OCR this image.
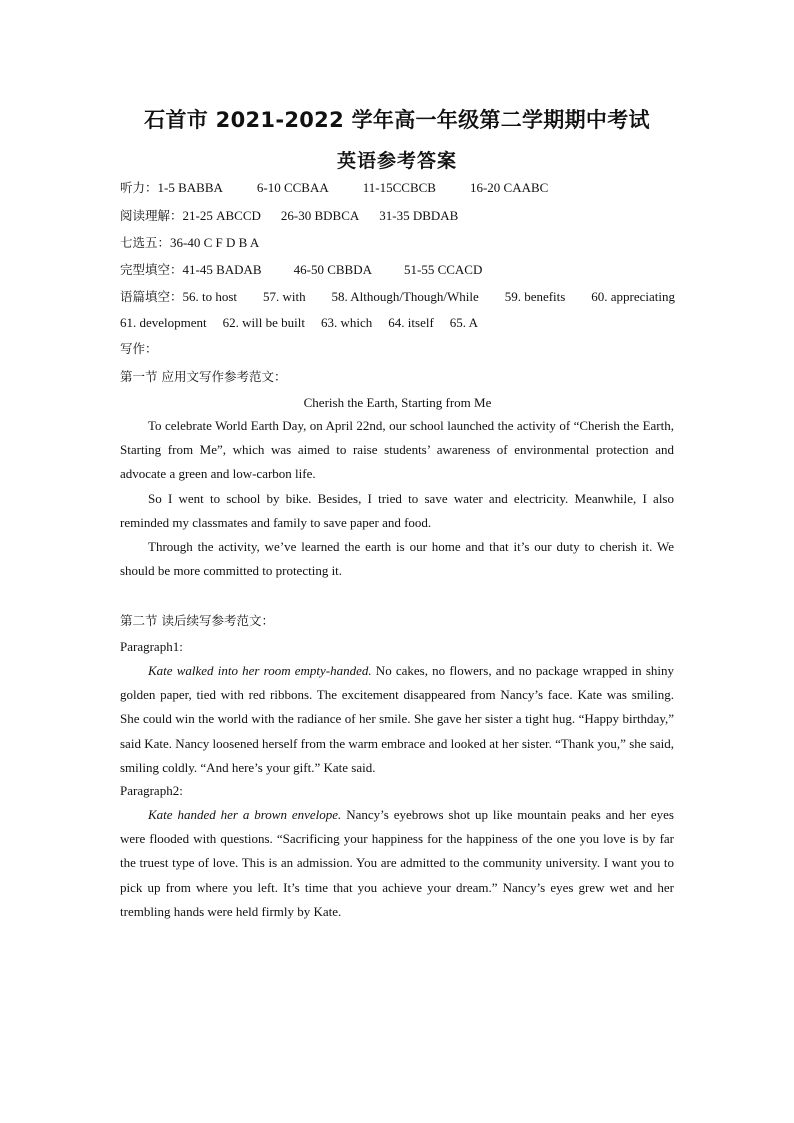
石首市 2021-2022 学年高一年级第二学期期中考试
英语参考答案
听力：1-5 BABBA	6-10 CCBAA	11-15CCBCB	16-20 CAABC
阅读理解：21-25 ABCCD 26-30 BDBCA 31-35 DBDAB
七选五：36-40 C F D B A
完型填空：41-45 BADAB 46-50 CBBDA 51-55 CCACD
语篇填空：56. to host 57. with 58. Although/Though/While 59. benefits 60. appreciating
61. development 62. will be built 63. which 64. itself 65. A
写作：
第一节 应用文写作参考范文：
Cherish the Earth, Starting from Me
To celebrate World Earth Day, on April 22nd, our school launched the activity of “Cherish the Earth, Starting from Me”, which was aimed to raise students’ awareness of environmental protection and advocate a green and low-carbon life.
So I went to school by bike. Besides, I tried to save water and electricity. Meanwhile, I also reminded my classmates and family to save paper and food.
Through the activity, we’ve learned the earth is our home and that it’s our duty to cherish it. We should be more committed to protecting it.
第二节 读后续写参考范文：
Paragraph1:
Kate walked into her room empty-handed. No cakes, no flowers, and no package wrapped in shiny golden paper, tied with red ribbons. The excitement disappeared from Nancy’s face. Kate was smiling. She could win the world with the radiance of her smile. She gave her sister a tight hug. “Happy birthday,” said Kate. Nancy loosened herself from the warm embrace and looked at her sister. “Thank you,” she said, smiling coldly. “And here’s your gift.” Kate said.
Paragraph2:
Kate handed her a brown envelope. Nancy’s eyebrows shot up like mountain peaks and her eyes were flooded with questions. “Sacrificing your happiness for the happiness of the one you love is by far the truest type of love. This is an admission. You are admitted to the community university. I want you to pick up from where you left. It’s time that you achieve your dream.” Nancy’s eyes grew wet and her trembling hands were held firmly by Kate.
